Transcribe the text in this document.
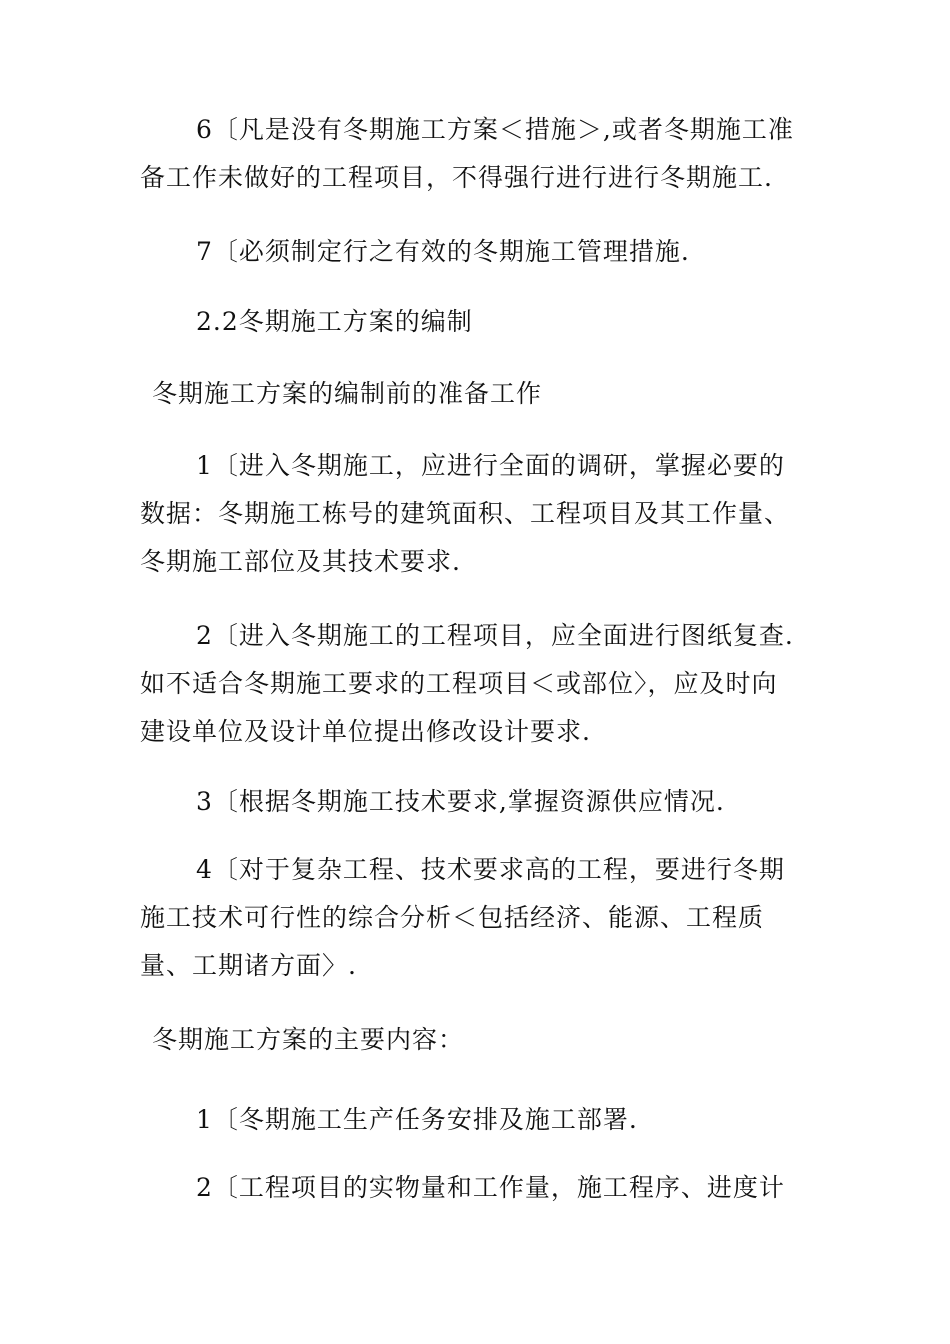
6〔凡是没有冬期施工方案＜措施＞,或者冬期施工准
备工作未做好的工程项目，不得强行进行进行冬期施工.

7〔必须制定行之有效的冬期施工管理措施.

2.2冬期施工方案的编制

冬期施工方案的编制前的准备工作

1〔进入冬期施工，应进行全面的调研，掌握必要的
数据：冬期施工栋号的建筑面积、工程项目及其工作量、
冬期施工部位及其技术要求.

2〔进入冬期施工的工程项目，应全面进行图纸复查.
如不适合冬期施工要求的工程项目＜或部位〉，应及时向
建设单位及设计单位提出修改设计要求.

3〔根据冬期施工技术要求,掌握资源供应情况.

4〔对于复杂工程、技术要求高的工程，要进行冬期
施工技术可行性的综合分析＜包括经济、能源、工程质
量、工期诸方面〉.

冬期施工方案的主要内容：

1〔冬期施工生产任务安排及施工部署.

2〔工程项目的实物量和工作量，施工程序、进度计
